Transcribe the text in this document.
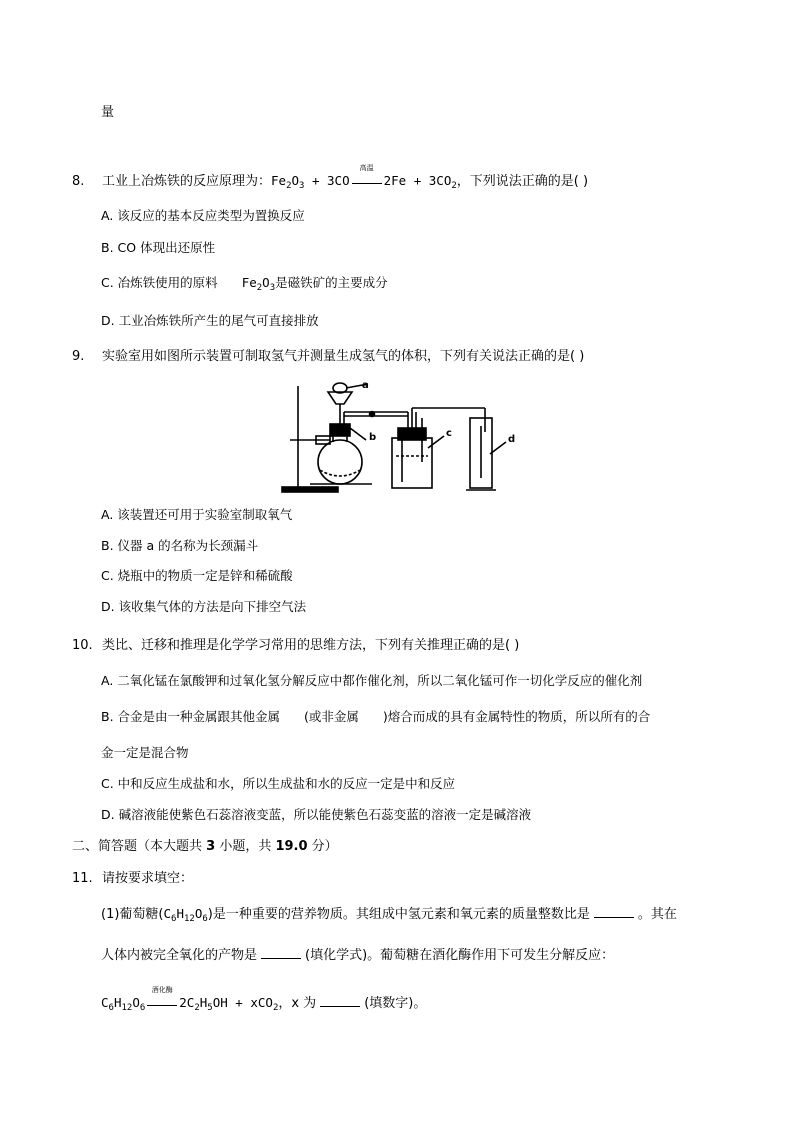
量
8. 工业上冶炼铁的反应原理为：$Fe_2O_3 + 3CO$
高温
$2Fe + 3CO_2$，下列说法正确的是( )
A. 该反应的基本反应类型为置换反应
B. CO 体现出还原性
C. 冶炼铁使用的原料 $Fe_2O_3$是磁铁矿的主要成分
D. 工业冶炼铁所产生的尾气可直接排放
9. 实验室用如图所示装置可制取氢气并测量生成氢气的体积，下列有关说法正确的是( )
a
b	c
d
A. 该装置还可用于实验室制取氧气
B. 仪器 a 的名称为长颈漏斗
C. 烧瓶中的物质一定是锌和稀硫酸
D. 该收集气体的方法是向下排空气法
10. 类比、迁移和推理是化学学习常用的思维方法，下列有关推理正确的是( )
A. 二氧化锰在氯酸钾和过氧化氢分解反应中都作催化剂，所以二氧化锰可作一切化学反应的催化剂
B. 合金是由一种金属跟其他金属 (或非金属 )熔合而成的具有金属特性的物质，所以所有的合
金一定是混合物
C. 中和反应生成盐和水，所以生成盐和水的反应一定是中和反应
D. 碱溶液能使紫色石蕊溶液变蓝，所以能使紫色石蕊变蓝的溶液一定是碱溶液
二、简答题（本大题共 3 小题，共 19.0 分）
11. 请按要求填空：
(1)葡萄糖$(C_6H_{12}O_6)$是一种重要的营养物质。其组成中氢元素和氧元素的质量整数比是	。其在
人体内被完全氧化的产物是	(填化学式)。葡萄糖在酒化酶作用下可发生分解反应：
$C_6H_{12}O_6$
酒化酶
$2C_2H_5OH + xCO_2$，x 为	(填数字)。
